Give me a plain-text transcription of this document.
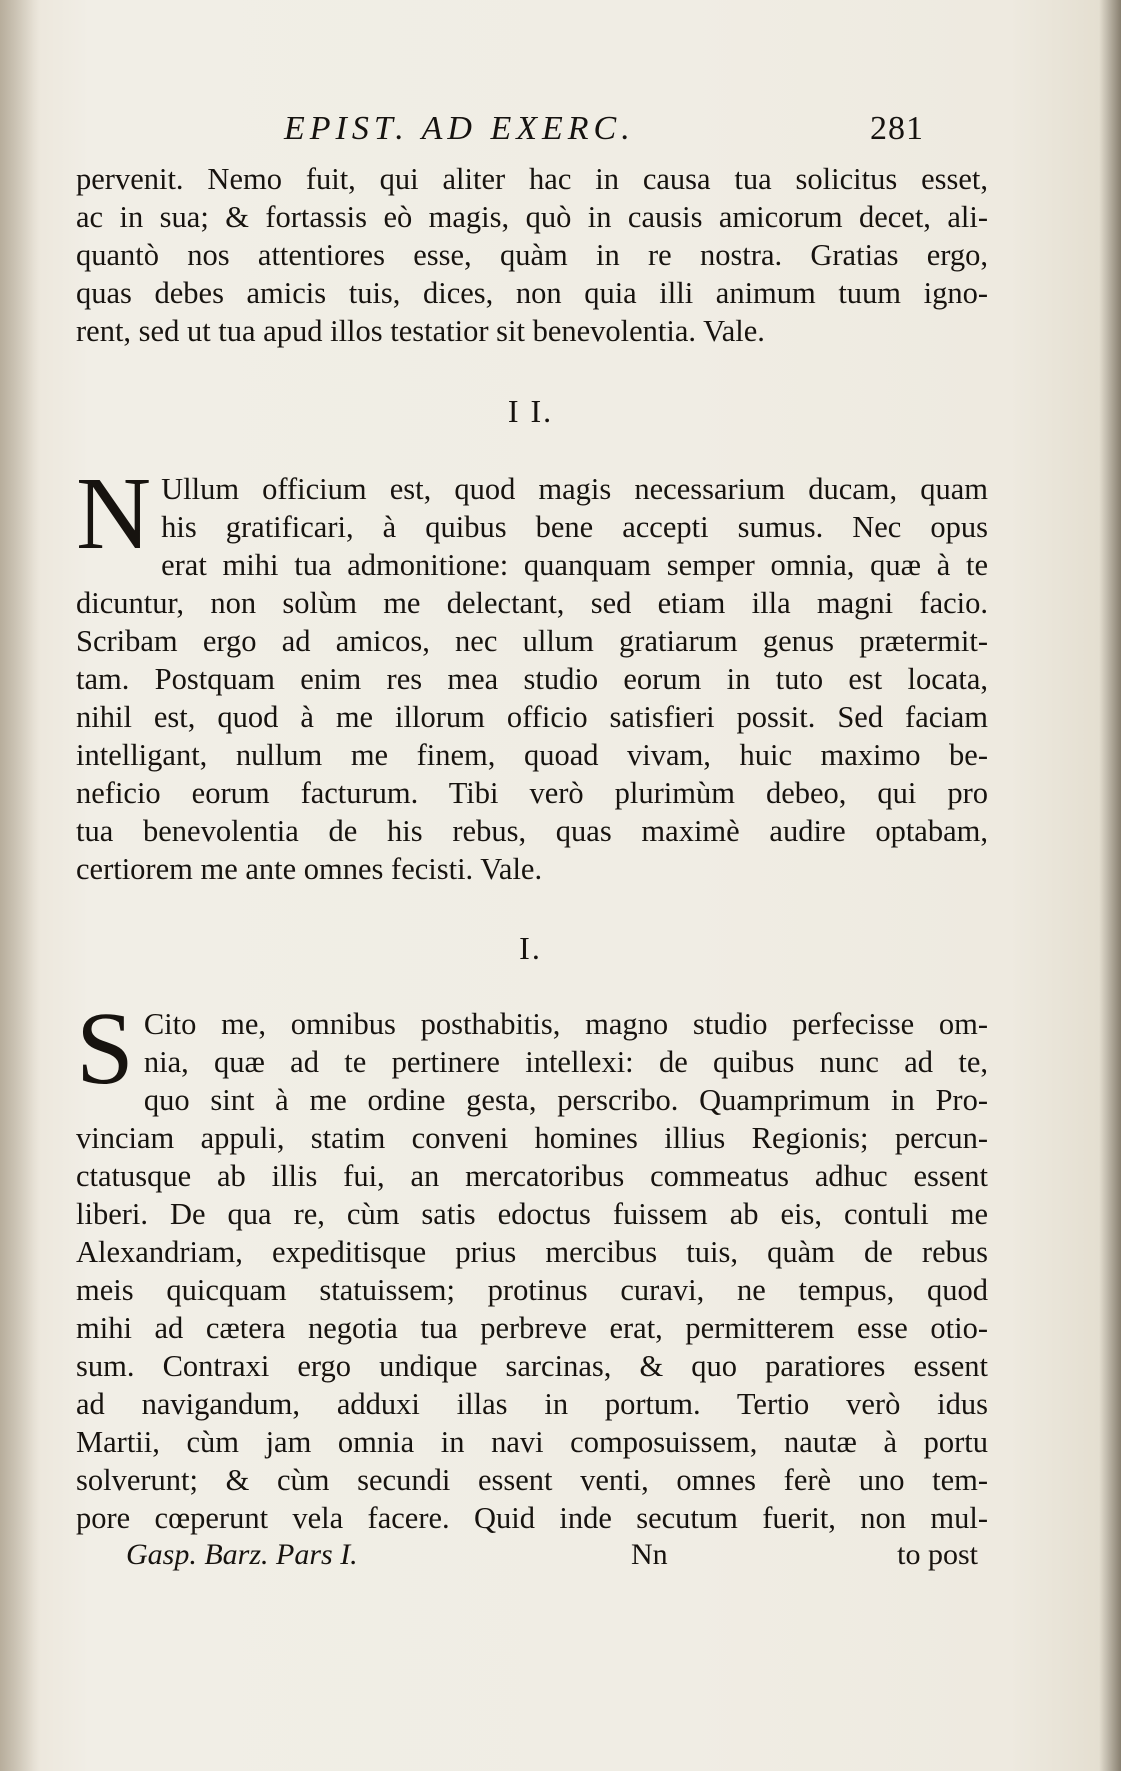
EPIST. AD EXERC.	281
pervenit. Nemo fuit, qui aliter hac in causa tua solicitus esset,
ac in sua; & fortassis eò magis, quò in causis amicorum decet, ali-
quantò nos attentiores esse, quàm in re nostra. Gratias ergo,
quas debes amicis tuis, dices, non quia illi animum tuum igno-
rent, sed ut tua apud illos testatior sit benevolentia. Vale.
I I.
N Ullum officium est, quod magis necessarium ducam, quam
his gratificari, à quibus bene accepti sumus. Nec opus
erat mihi tua admonitione: quanquam semper omnia, quæ à te
dicuntur, non solùm me delectant, sed etiam illa magni facio.
Scribam ergo ad amicos, nec ullum gratiarum genus prætermit-
tam. Postquam enim res mea studio eorum in tuto est locata,
nihil est, quod à me illorum officio satisfieri possit. Sed faciam
intelligant, nullum me finem, quoad vivam, huic maximo be-
neficio eorum facturum. Tibi verò plurimùm debeo, qui pro
tua benevolentia de his rebus, quas maximè audire optabam,
certiorem me ante omnes fecisti. Vale.
I.
S Cito me, omnibus posthabitis, magno studio perfecisse om-
nia, quæ ad te pertinere intellexi: de quibus nunc ad te,
quo sint à me ordine gesta, perscribo. Quamprimum in Pro-
vinciam appuli, statim conveni homines illius Regionis; percun-
ctatusque ab illis fui, an mercatoribus commeatus adhuc essent
liberi. De qua re, cùm satis edoctus fuissem ab eis, contuli me
Alexandriam, expeditisque prius mercibus tuis, quàm de rebus
meis quicquam statuissem; protinus curavi, ne tempus, quod
mihi ad cætera negotia tua perbreve erat, permitterem esse otio-
sum. Contraxi ergo undique sarcinas, & quo paratiores essent
ad navigandum, adduxi illas in portum. Tertio verò idus
Martii, cùm jam omnia in navi composuissem, nautæ à portu
solverunt; & cùm secundi essent venti, omnes ferè uno tem-
pore cœperunt vela facere. Quid inde secutum fuerit, non mul-
Gasp. Barz. Pars I.	Nn	to post
